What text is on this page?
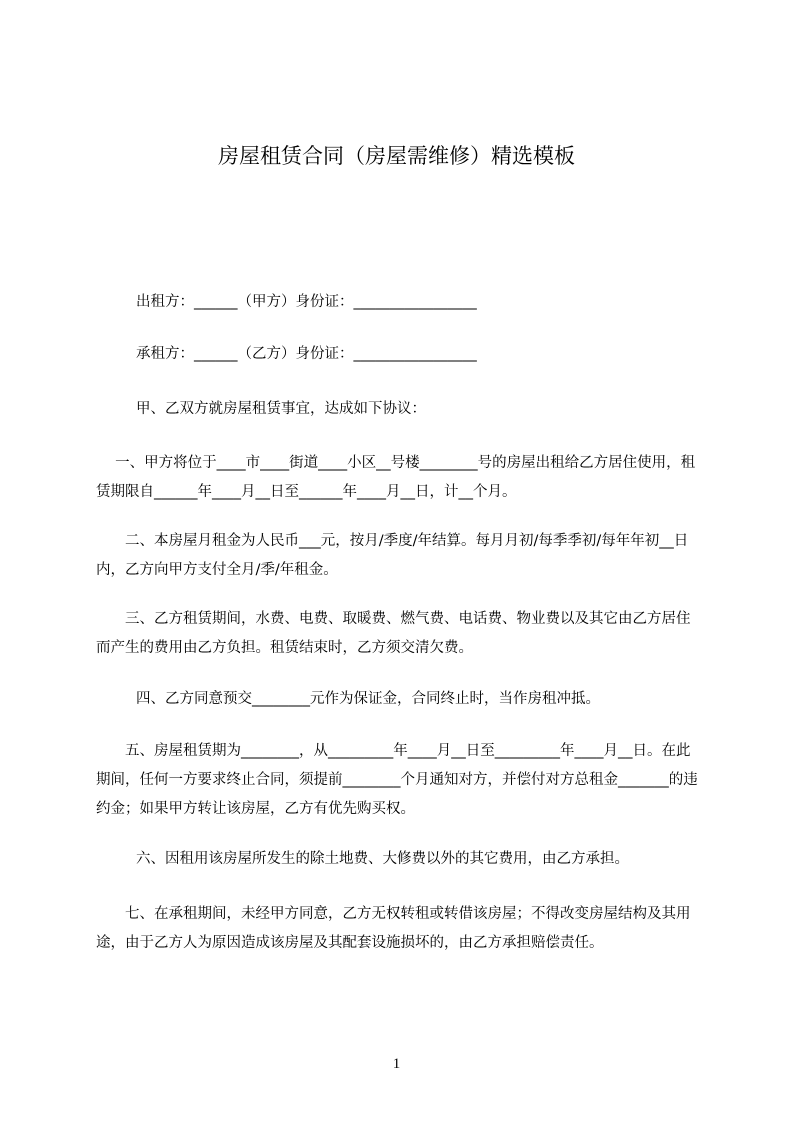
房屋租赁合同（房屋需维修）精选模板

出租方：______（甲方）身份证：_________________

承租方：______（乙方）身份证：_________________

甲、乙双方就房屋租赁事宜，达成如下协议：

　 一、甲方将位于____市____街道____小区__号楼________号的房屋出租给乙方居住使用，租赁期限自______年____月__日至______年____月__日，计__个月。

　　二、本房屋月租金为人民币___元，按月/季度/年结算。每月月初/每季季初/每年年初__日内，乙方向甲方支付全月/季/年租金。

　　三、乙方租赁期间，水费、电费、取暖费、燃气费、电话费、物业费以及其它由乙方居住而产生的费用由乙方负担。租赁结束时，乙方须交清欠费。

四、乙方同意预交________元作为保证金，合同终止时，当作房租冲抵。

　　五、房屋租赁期为________，从_________年____月__日至_________年____月__日。在此期间，任何一方要求终止合同，须提前________个月通知对方，并偿付对方总租金_______的违约金；如果甲方转让该房屋，乙方有优先购买权。

六、因租用该房屋所发生的除土地费、大修费以外的其它费用，由乙方承担。

　　七、在承租期间，未经甲方同意，乙方无权转租或转借该房屋；不得改变房屋结构及其用途，由于乙方人为原因造成该房屋及其配套设施损坏的，由乙方承担赔偿责任。

1
